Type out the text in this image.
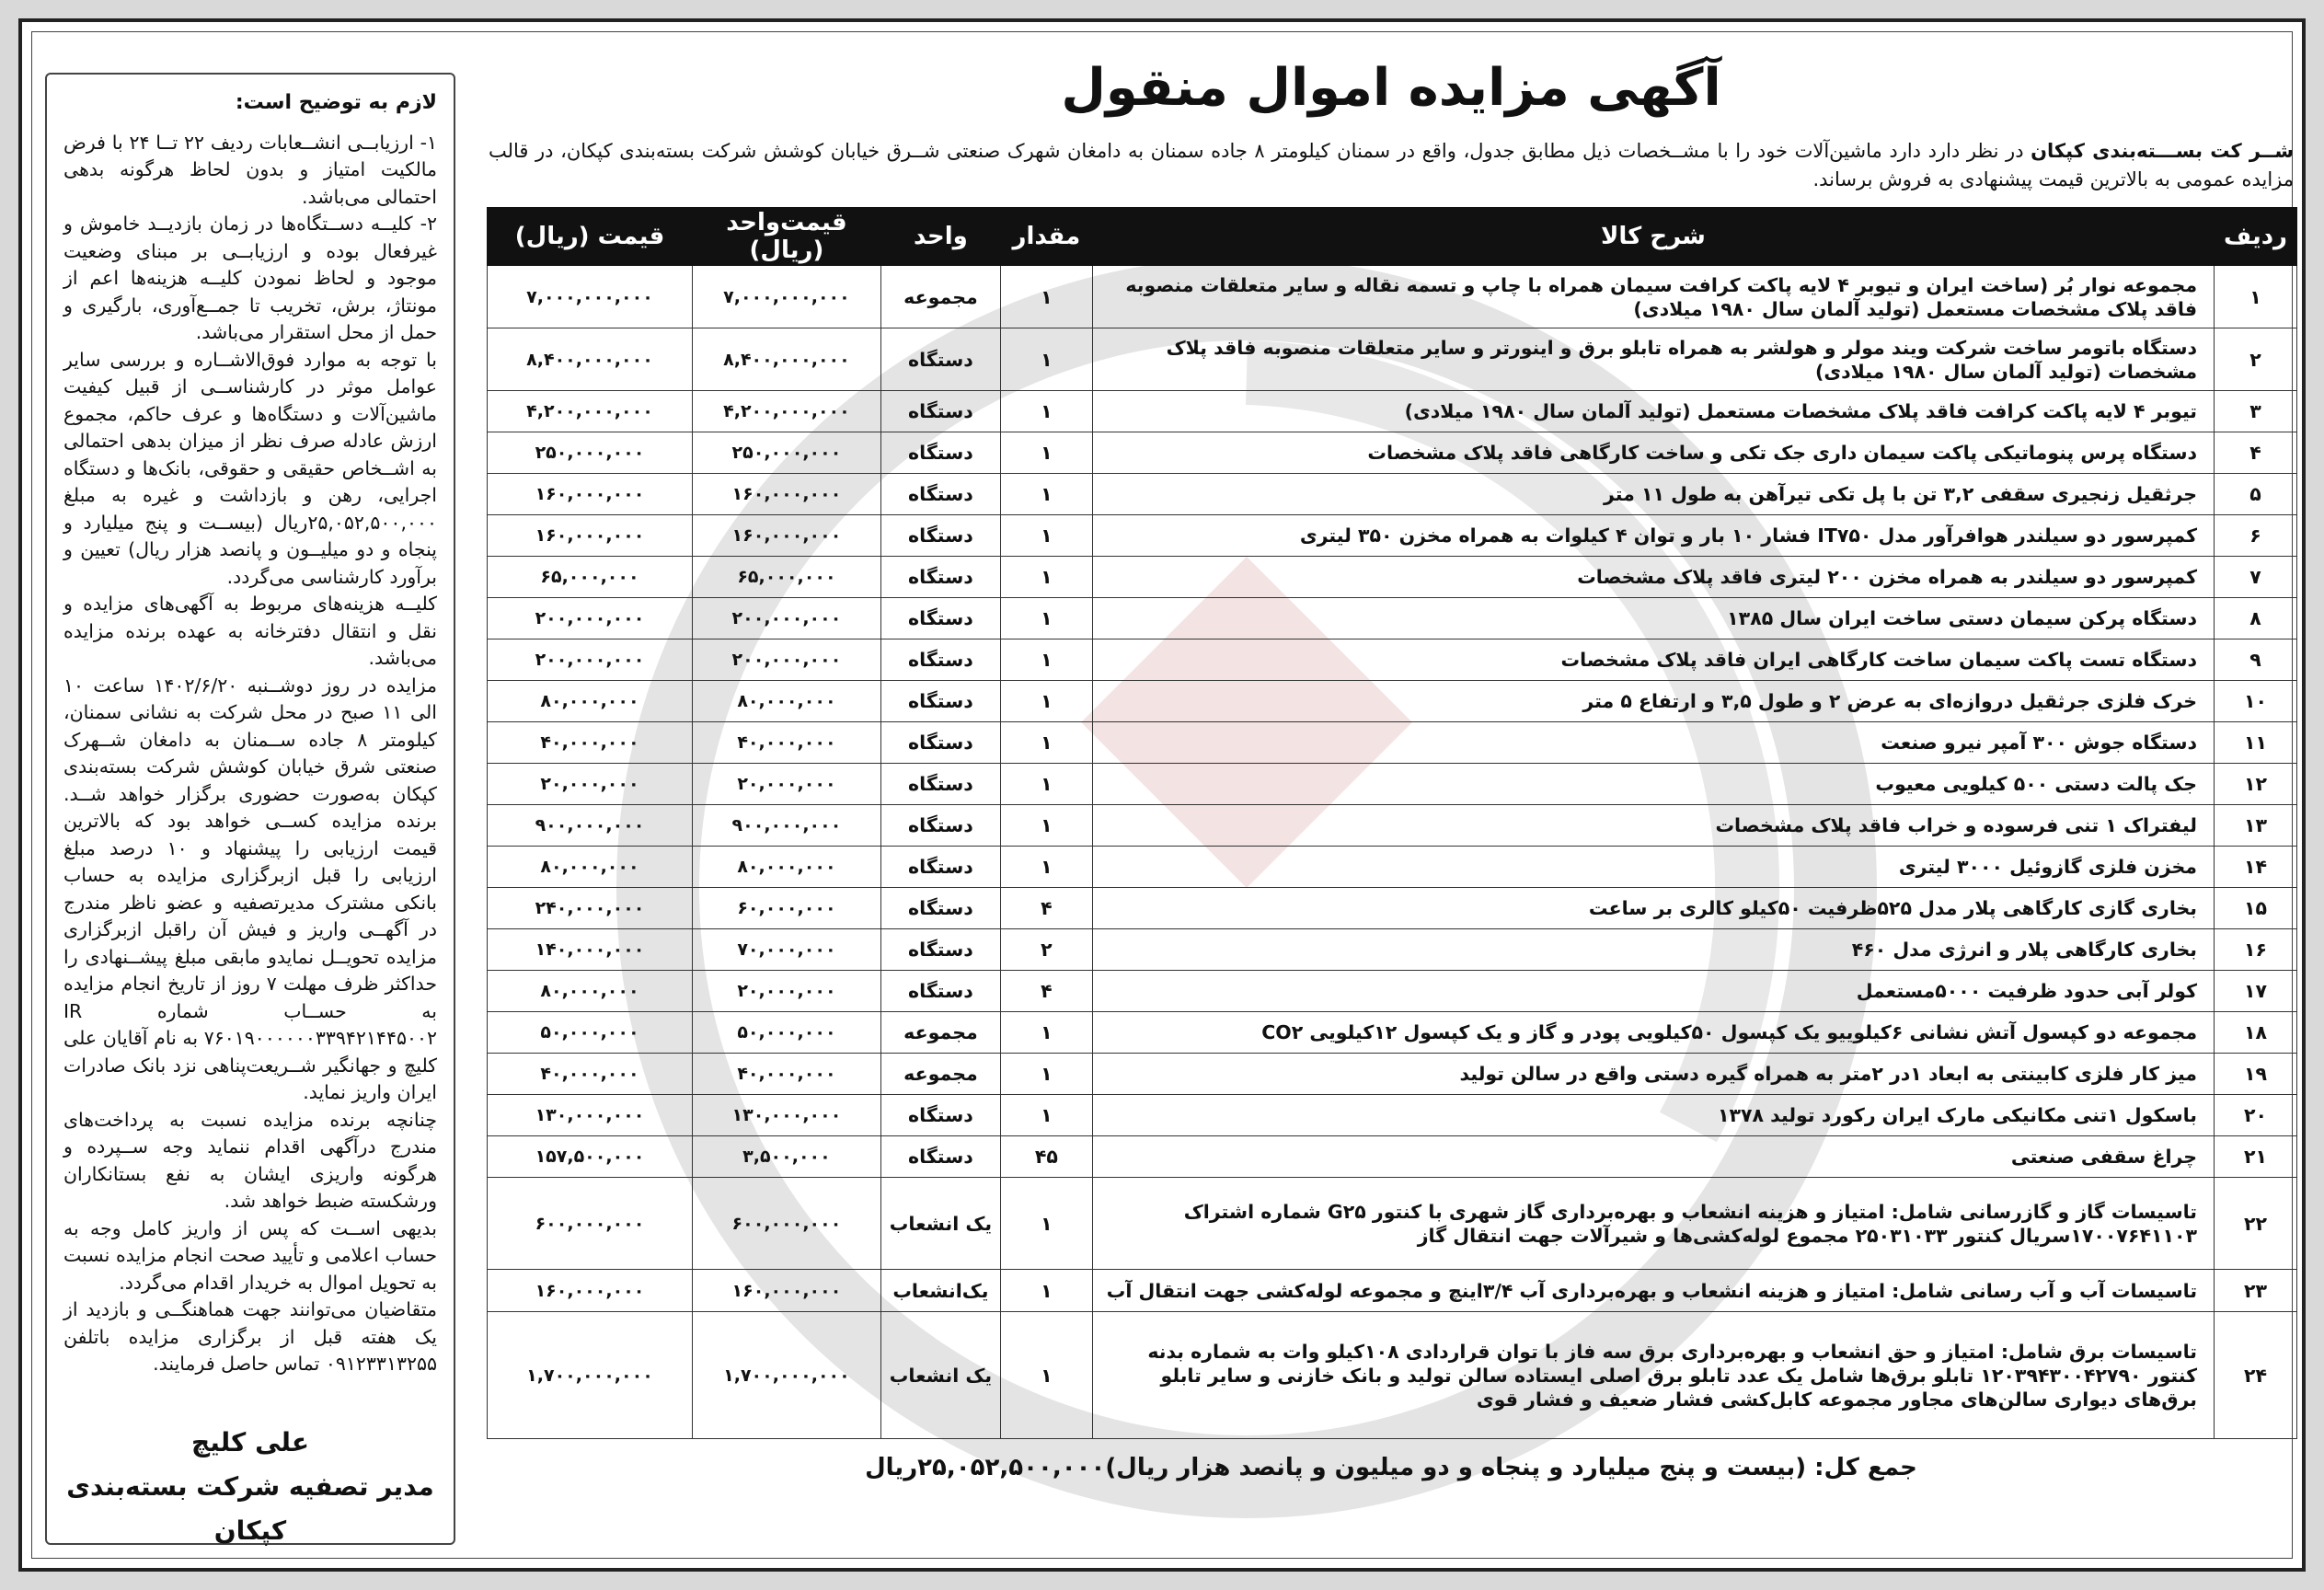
لازم به توضیح است:

۱- ارزیابــی انشــعابات ردیف ۲۲ تــا ۲۴ با فرض مالکیت امتیاز و بدون لحاظ هرگونه بدهی احتمالی می‌باشد.

۲- کلیــه دســتگاه‌ها در زمان بازدیــد خاموش و غیرفعال بوده و ارزیابــی بر مبنای وضعیت موجود و لحاظ نمودن کلیــه هزینه‌ها اعم از مونتاژ، برش، تخریب تا جمــع‌آوری، بارگیری و حمل از محل استقرار می‌باشد.

با توجه به موارد فوق‌الاشــاره و بررسی سایر عوامل موثر در کارشناســی از قبیل کیفیت ماشین‌آلات و دستگاه‌ها و عرف حاکم، مجموع ارزش عادله صرف نظر از میزان بدهی احتمالی به اشــخاص حقیقی و حقوقی، بانک‌ها و دستگاه اجرایی، رهن و بازداشت و غیره به مبلغ ۲۵,۰۵۲,۵۰۰,۰۰۰ریال (بیســت و پنج میلیارد و پنجاه و دو میلیــون و پانصد هزار ریال) تعیین و برآورد کارشناسی می‌گردد.

کلیــه هزینه‌های مربوط به آگهی‌های مزایده و نقل و انتقال دفترخانه به عهده برنده مزایده می‌باشد.

مزایده در روز دوشــنبه ۱۴۰۲/۶/۲۰ ساعت ۱۰ الی ۱۱ صبح در محل شرکت به نشانی سمنان، کیلومتر ۸ جاده ســمنان به دامغان شــهرک صنعتی شرق خیابان کوشش شرکت بسته‌بندی کپکان به‌صورت حضوری برگزار خواهد شــد. برنده مزایده کســی خواهد بود که بالاترین قیمت ارزیابی را پیشنهاد و ۱۰ درصد مبلغ ارزیابی را قبل ازبرگزاری مزایده به حساب بانکی مشترک مدیرتصفیه و عضو ناظر مندرج در آگهــی واریز و فیش آن راقبل ازبرگزاری مزایده تحویــل نمایدو مابقی مبلغ پیشــنهادی را حداکثر ظرف مهلت ۷ روز از تاریخ انجام مزایده به حســاب شماره IR ۷۶۰۱۹۰۰۰۰۰۰۳۳۹۴۲۱۴۴۵۰۰۲ به نام آقایان علی کلیچ و جهانگیر شــریعت‌پناهی نزد بانک صادرات ایران واریز نماید.

چنانچه برنده مزایده نسبت به پرداخت‌های مندرج درآگهی اقدام ننماید وجه ســپرده و هرگونه واریزی ایشان به نفع بستانکاران ورشکسته ضبط خواهد شد.

بدیهی اســت که پس از واریز کامل وجه به حساب اعلامی و تأیید صحت انجام مزایده نسبت به تحویل اموال به خریدار اقدام می‌گردد.

متقاضیان می‌توانند جهت هماهنگــی و بازدید از یک هفته قبل از برگزاری مزایده باتلفن ۰۹۱۲۳۳۱۳۲۵۵ تماس حاصل فرمایند.

علی کلیچ
مدیر تصفیه شرکت بسته‌بندی کپکان
آگهی مزایده اموال منقول
شــر کت بســـته‌بندی کپکان در نظر دارد دارد ماشین‌آلات خود را با مشــخصات ذیل مطابق جدول، واقع در سمنان کیلومتر ۸ جاده سمنان به دامغان شهرک صنعتی شــرق خیابان کوشش شرکت بسته‌بندی کپکان، در قالب مزایده عمومی به بالاترین قیمت پیشنهادی به فروش برساند.
ردیف	شرح کالا	مقدار	واحد	قیمت‌واحد (ریال)	قیمت (ریال)
۱	مجموعه نوار بُر (ساخت ایران و تیوبر ۴ لایه پاکت کرافت سیمان همراه با چاپ و تسمه نقاله و سایر متعلقات منصوبه فاقد پلاک مشخصات مستعمل (تولید آلمان سال ۱۹۸۰ میلادی)	۱	مجموعه	۷,۰۰۰,۰۰۰,۰۰۰	۷,۰۰۰,۰۰۰,۰۰۰
۲	دستگاه باتومر ساخت شرکت ویند مولر و هولشر به همراه تابلو برق و اینورتر و سایر متعلقات منصوبه فاقد پلاک مشخصات (تولید آلمان سال ۱۹۸۰ میلادی)	۱	دستگاه	۸,۴۰۰,۰۰۰,۰۰۰	۸,۴۰۰,۰۰۰,۰۰۰
۳	تیوبر ۴ لایه پاکت کرافت فاقد پلاک مشخصات مستعمل (تولید آلمان سال ۱۹۸۰ میلادی)	۱	دستگاه	۴,۲۰۰,۰۰۰,۰۰۰	۴,۲۰۰,۰۰۰,۰۰۰
۴	دستگاه پرس پنوماتیکی پاکت سیمان داری جک تکی و ساخت کارگاهی فاقد پلاک مشخصات	۱	دستگاه	۲۵۰,۰۰۰,۰۰۰	۲۵۰,۰۰۰,۰۰۰
۵	جرثقیل زنجیری سقفی ۳,۲ تن با پل تکی تیرآهن به طول ۱۱ متر	۱	دستگاه	۱۶۰,۰۰۰,۰۰۰	۱۶۰,۰۰۰,۰۰۰
۶	کمپرسور دو سیلندر هوافرآور مدل IT۷۵۰ فشار ۱۰ بار و توان ۴ کیلوات به همراه مخزن ۳۵۰ لیتری	۱	دستگاه	۱۶۰,۰۰۰,۰۰۰	۱۶۰,۰۰۰,۰۰۰
۷	کمپرسور دو سیلندر به همراه مخزن ۲۰۰ لیتری فاقد پلاک مشخصات	۱	دستگاه	۶۵,۰۰۰,۰۰۰	۶۵,۰۰۰,۰۰۰
۸	دستگاه پرکن سیمان دستی ساخت ایران سال ۱۳۸۵	۱	دستگاه	۲۰۰,۰۰۰,۰۰۰	۲۰۰,۰۰۰,۰۰۰
۹	دستگاه تست پاکت سیمان ساخت کارگاهی ایران فاقد پلاک مشخصات	۱	دستگاه	۲۰۰,۰۰۰,۰۰۰	۲۰۰,۰۰۰,۰۰۰
۱۰	خرک فلزی جرثقیل دروازه‌ای به عرض ۲ و طول ۳,۵ و ارتفاع ۵ متر	۱	دستگاه	۸۰,۰۰۰,۰۰۰	۸۰,۰۰۰,۰۰۰
۱۱	دستگاه جوش ۳۰۰ آمپر نیرو صنعت	۱	دستگاه	۴۰,۰۰۰,۰۰۰	۴۰,۰۰۰,۰۰۰
۱۲	جک پالت دستی ۵۰۰ کیلویی معیوب	۱	دستگاه	۲۰,۰۰۰,۰۰۰	۲۰,۰۰۰,۰۰۰
۱۳	لیفتراک ۱ تنی فرسوده و خراب فاقد پلاک مشخصات	۱	دستگاه	۹۰۰,۰۰۰,۰۰۰	۹۰۰,۰۰۰,۰۰۰
۱۴	مخزن فلزی گازوئیل ۳۰۰۰ لیتری	۱	دستگاه	۸۰,۰۰۰,۰۰۰	۸۰,۰۰۰,۰۰۰
۱۵	بخاری گازی کارگاهی پلار مدل ۵۲۵ظرفیت ۵۰کیلو کالری بر ساعت	۴	دستگاه	۶۰,۰۰۰,۰۰۰	۲۴۰,۰۰۰,۰۰۰
۱۶	بخاری کارگاهی پلار و انرژی مدل ۴۶۰	۲	دستگاه	۷۰,۰۰۰,۰۰۰	۱۴۰,۰۰۰,۰۰۰
۱۷	کولر آبی حدود ظرفیت ۵۰۰۰مستعمل	۴	دستگاه	۲۰,۰۰۰,۰۰۰	۸۰,۰۰۰,۰۰۰
۱۸	مجموعه دو کپسول آتش نشانی ۶کیلوییو یک کپسول ۵۰کیلویی پودر و گاز و یک کپسول ۱۲کیلویی CO۲	۱	مجموعه	۵۰,۰۰۰,۰۰۰	۵۰,۰۰۰,۰۰۰
۱۹	میز کار فلزی کابینتی به ابعاد ۱در ۲متر به همراه گیره دستی واقع در سالن تولید	۱	مجموعه	۴۰,۰۰۰,۰۰۰	۴۰,۰۰۰,۰۰۰
۲۰	باسکول ۱تنی مکانیکی مارک ایران رکورد تولید ۱۳۷۸	۱	دستگاه	۱۳۰,۰۰۰,۰۰۰	۱۳۰,۰۰۰,۰۰۰
۲۱	چراغ سقفی صنعتی	۴۵	دستگاه	۳,۵۰۰,۰۰۰	۱۵۷,۵۰۰,۰۰۰
۲۲	تاسیسات گاز و گازرسانی شامل: امتیاز و هزینه انشعاب و بهره‌برداری گاز شهری با کنتور G۲۵ شماره اشتراک ۱۷۰۰۷۶۴۱۱۰۳سریال کنتور ۲۵۰۳۱۰۳۳ مجموع لوله‌کشی‌ها و شیرآلات جهت انتقال گاز	۱	یک انشعاب	۶۰۰,۰۰۰,۰۰۰	۶۰۰,۰۰۰,۰۰۰
۲۳	تاسیسات آب و آب رسانی شامل: امتیاز و هزینه انشعاب و بهره‌برداری آب ۳/۴اینچ و مجموعه لوله‌کشی جهت انتقال آب	۱	یک‌انشعاب	۱۶۰,۰۰۰,۰۰۰	۱۶۰,۰۰۰,۰۰۰
۲۴	تاسیسات برق شامل: امتیاز و حق انشعاب و بهره‌برداری برق سه فاز با توان قراردادی ۱۰۸کیلو وات به شماره بدنه کنتور ۱۲۰۳۹۴۳۰۰۴۲۷۹۰ تابلو برق‌ها شامل یک عدد تابلو برق اصلی ایستاده سالن تولید و بانک خازنی و سایر تابلو برق‌های دیواری سالن‌های مجاور مجموعه کابل‌کشی فشار ضعیف و فشار قوی	۱	یک انشعاب	۱,۷۰۰,۰۰۰,۰۰۰	۱,۷۰۰,۰۰۰,۰۰۰
جمع کل: (بیست و پنج میلیارد و پنجاه و دو میلیون و پانصد هزار ریال)۲۵,۰۵۲,۵۰۰,۰۰۰ریال
